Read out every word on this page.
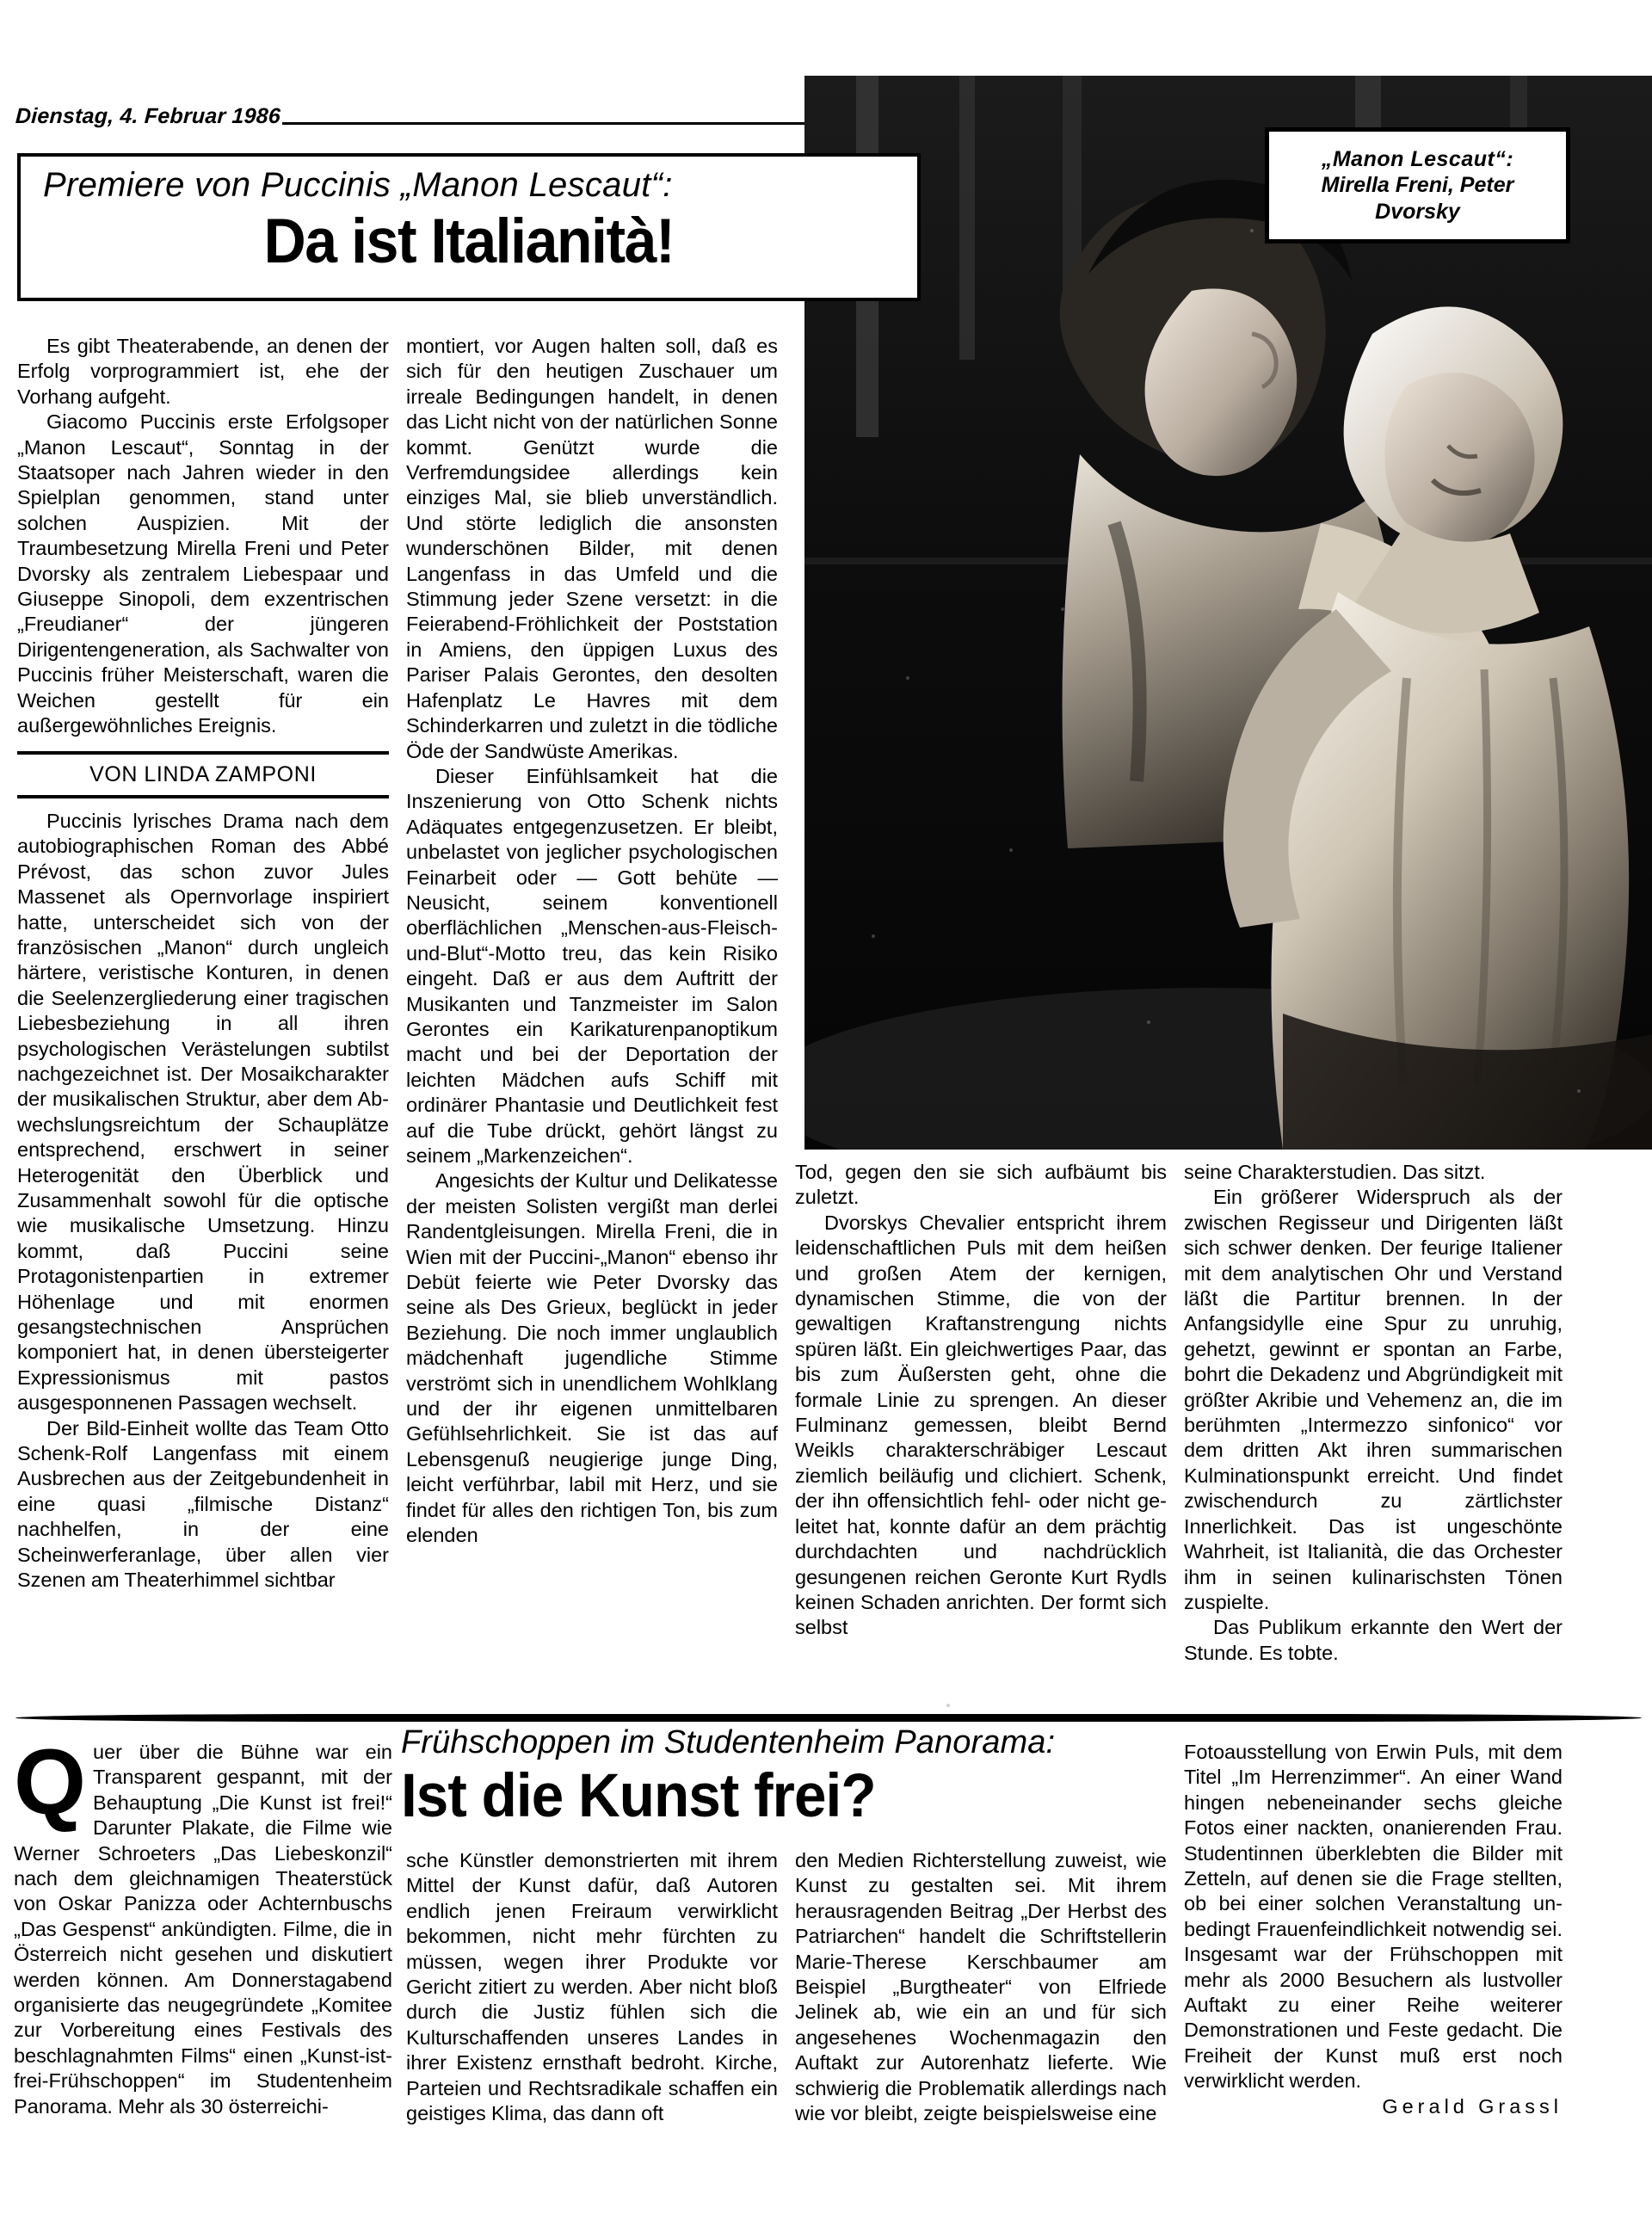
Dienstag, 4. Februar 1986
Premiere von Puccinis „Manon Lescaut“:
Da ist Italianità!
„Manon Lescaut“:
Mirella Freni, Peter
Dvorsky

Es gibt Theaterabende, an denen der Erfolg vorprogrammiert ist, ehe der Vorhang aufgeht.

Giacomo Puccinis erste Erfolgsoper „Manon Lescaut“, Sonntag in der Staatsoper nach Jahren wieder in den Spielplan genommen, stand unter solchen Auspizien. Mit der Traumbesetzung Mirella Freni und Peter Dvorsky als zentralem Liebespaar und Giuseppe Sinopoli, dem exzentrischen „Freudianer“ der jüngeren Dirigentengeneration, als Sachwalter von Puccinis früher Meisterschaft, waren die Weichen gestellt für ein außergewöhnliches Ereignis.

VON LINDA ZAMPONI

Puccinis lyrisches Drama nach dem autobiographischen Roman des Abbé Prévost, das schon zuvor Jules Massenet als Opernvorlage inspiriert hatte, unterscheidet sich von der französischen „Manon“ durch ungleich härtere, veristische Konturen, in denen die Seelenzergliederung einer tragischen Liebesbeziehung in all ihren psychologischen Verästelungen subtilst nachgezeichnet ist. Der Mosaikcharakter der musikalischen Struktur, aber dem Abwechslungsreichtum der Schauplätze entsprechend, erschwert in seiner Heterogenität den Überblick und Zusammenhalt sowohl für die optische wie musikalische Umsetzung. Hinzu kommt, daß Puccini seine Protagonistenpartien in extremer Höhenlage und mit enormen gesangstechnischen Ansprüchen komponiert hat, in denen übersteigerter Expressionismus mit pastos ausgesponnenen Passagen wechselt.

Der Bild-Einheit wollte das Team Otto Schenk-Rolf Langenfass mit einem Ausbrechen aus der Zeitgebundenheit in eine quasi „filmische Distanz“ nachhelfen, in der eine Scheinwerferanlage, über allen vier Szenen am Theaterhimmel sichtbar

montiert, vor Augen halten soll, daß es sich für den heutigen Zuschauer um irreale Bedingungen handelt, in denen das Licht nicht von der natürlichen Sonne kommt. Genützt wurde die Verfremdungsidee allerdings kein einziges Mal, sie blieb unverständlich. Und störte lediglich die ansonsten wunderschönen Bilder, mit denen Langenfass in das Umfeld und die Stimmung jeder Szene versetzt: in die Feierabend-Fröhlichkeit der Poststation in Amiens, den üppigen Luxus des Pariser Palais Gerontes, den desolten Hafenplatz Le Havres mit dem Schinderkarren und zuletzt in die tödliche Öde der Sandwüste Amerikas.

Dieser Einfühlsamkeit hat die Inszenierung von Otto Schenk nichts Adäquates entgegenzusetzen. Er bleibt, unbelastet von jeglicher psychologischen Feinarbeit oder — Gott behüte — Neusicht, seinem konventionell oberflächlichen „Menschen-aus-Fleisch-und-Blut“-Motto treu, das kein Risiko eingeht. Daß er aus dem Auftritt der Musikanten und Tanzmeister im Salon Gerontes ein Karikaturenpanoptikum macht und bei der Deportation der leichten Mädchen aufs Schiff mit ordinärer Phantasie und Deutlichkeit fest auf die Tube drückt, gehört längst zu seinem „Markenzeichen“.

Angesichts der Kultur und Delikatesse der meisten Solisten vergißt man derlei Randentgleisungen. Mirella Freni, die in Wien mit der Puccini-„Manon“ ebenso ihr Debüt feierte wie Peter Dvorsky das seine als Des Grieux, beglückt in jeder Beziehung. Die noch immer unglaublich mädchenhaft jugendliche Stimme verströmt sich in unendlichem Wohlklang und der ihr eigenen unmittelbaren Gefühlsehrlichkeit. Sie ist das auf Lebensgenuß neugierige junge Ding, leicht verführbar, labil mit Herz, und sie findet für alles den richtigen Ton, bis zum elenden

Tod, gegen den sie sich aufbäumt bis zuletzt.

Dvorskys Chevalier entspricht ihrem leidenschaftlichen Puls mit dem heißen und großen Atem der kernigen, dynamischen Stimme, die von der gewaltigen Kraftanstrengung nichts spüren läßt. Ein gleichwertiges Paar, das bis zum Äußersten geht, ohne die formale Linie zu sprengen. An dieser Fulminanz gemessen, bleibt Bernd Weikls charakterschräbiger Lescaut ziemlich beiläufig und clichiert. Schenk, der ihn offensichtlich fehl- oder nicht geleitet hat, konnte dafür an dem prächtig durchdachten und nachdrücklich gesungenen reichen Geronte Kurt Rydls keinen Schaden anrichten. Der formt sich selbst

seine Charakterstudien. Das sitzt.

Ein größerer Widerspruch als der zwischen Regisseur und Dirigenten läßt sich schwer denken. Der feurige Italiener mit dem analytischen Ohr und Verstand läßt die Partitur brennen. In der Anfangsidylle eine Spur zu unruhig, gehetzt, gewinnt er spontan an Farbe, bohrt die Dekadenz und Abgründigkeit mit größter Akribie und Vehemenz an, die im berühmten „Intermezzo sinfonico“ vor dem dritten Akt ihren summarischen Kulminationspunkt erreicht. Und findet zwischendurch zu zärtlichster Innerlichkeit. Das ist ungeschönte Wahrheit, ist Italianità, die das Orchester ihm in seinen kulinarischsten Tönen zuspielte.

Das Publikum erkannte den Wert der Stunde. Es tobte.

Frühschoppen im Studentenheim Panorama:
Ist die Kunst frei?
Q uer über die Bühne war ein Transparent gespannt, mit der Behauptung „Die Kunst ist frei!“ Darunter Plakate, die Filme wie Werner Schroeters „Das Liebeskonzil“ nach dem gleichnamigen Theaterstück von Oskar Panizza oder Achternbuschs „Das Gespenst“ ankündigten. Filme, die in Österreich nicht gesehen und diskutiert werden können. Am Donnerstagabend organisierte das neugegründete „Komitee zur Vorbereitung eines Festivals des beschlagnahmten Films“ einen „Kunst-ist-frei-Frühschoppen“ im Studentenheim Panorama. Mehr als 30 österreichi-

sche Künstler demonstrierten mit ihrem Mittel der Kunst dafür, daß Autoren endlich jenen Freiraum verwirklicht bekommen, nicht mehr fürchten zu müssen, wegen ihrer Produkte vor Gericht zitiert zu werden. Aber nicht bloß durch die Justiz fühlen sich die Kulturschaffenden unseres Landes in ihrer Existenz ernsthaft bedroht. Kirche, Parteien und Rechtsradikale schaffen ein geistiges Klima, das dann oft

den Medien Richterstellung zuweist, wie Kunst zu gestalten sei. Mit ihrem herausragenden Beitrag „Der Herbst des Patriarchen“ handelt die Schriftstellerin Marie-Therese Kerschbaumer am Beispiel „Burgtheater“ von Elfriede Jelinek ab, wie ein an und für sich angesehenes Wochenmagazin den Auftakt zur Autorenhatz lieferte. Wie schwierig die Problematik allerdings nach wie vor bleibt, zeigte beispielsweise eine

Fotoausstellung von Erwin Puls, mit dem Titel „Im Herrenzimmer“. An einer Wand hingen nebeneinander sechs gleiche Fotos einer nackten, onanierenden Frau. Studentinnen überklebten die Bilder mit Zetteln, auf denen sie die Frage stellten, ob bei einer solchen Veranstaltung unbedingt Frauenfeindlichkeit notwendig sei. Insgesamt war der Frühschoppen mit mehr als 2000 Besuchern als lustvoller Auftakt zu einer Reihe weiterer Demonstrationen und Feste gedacht. Die Freiheit der Kunst muß erst noch verwirklicht werden.

Gerald Grassl
